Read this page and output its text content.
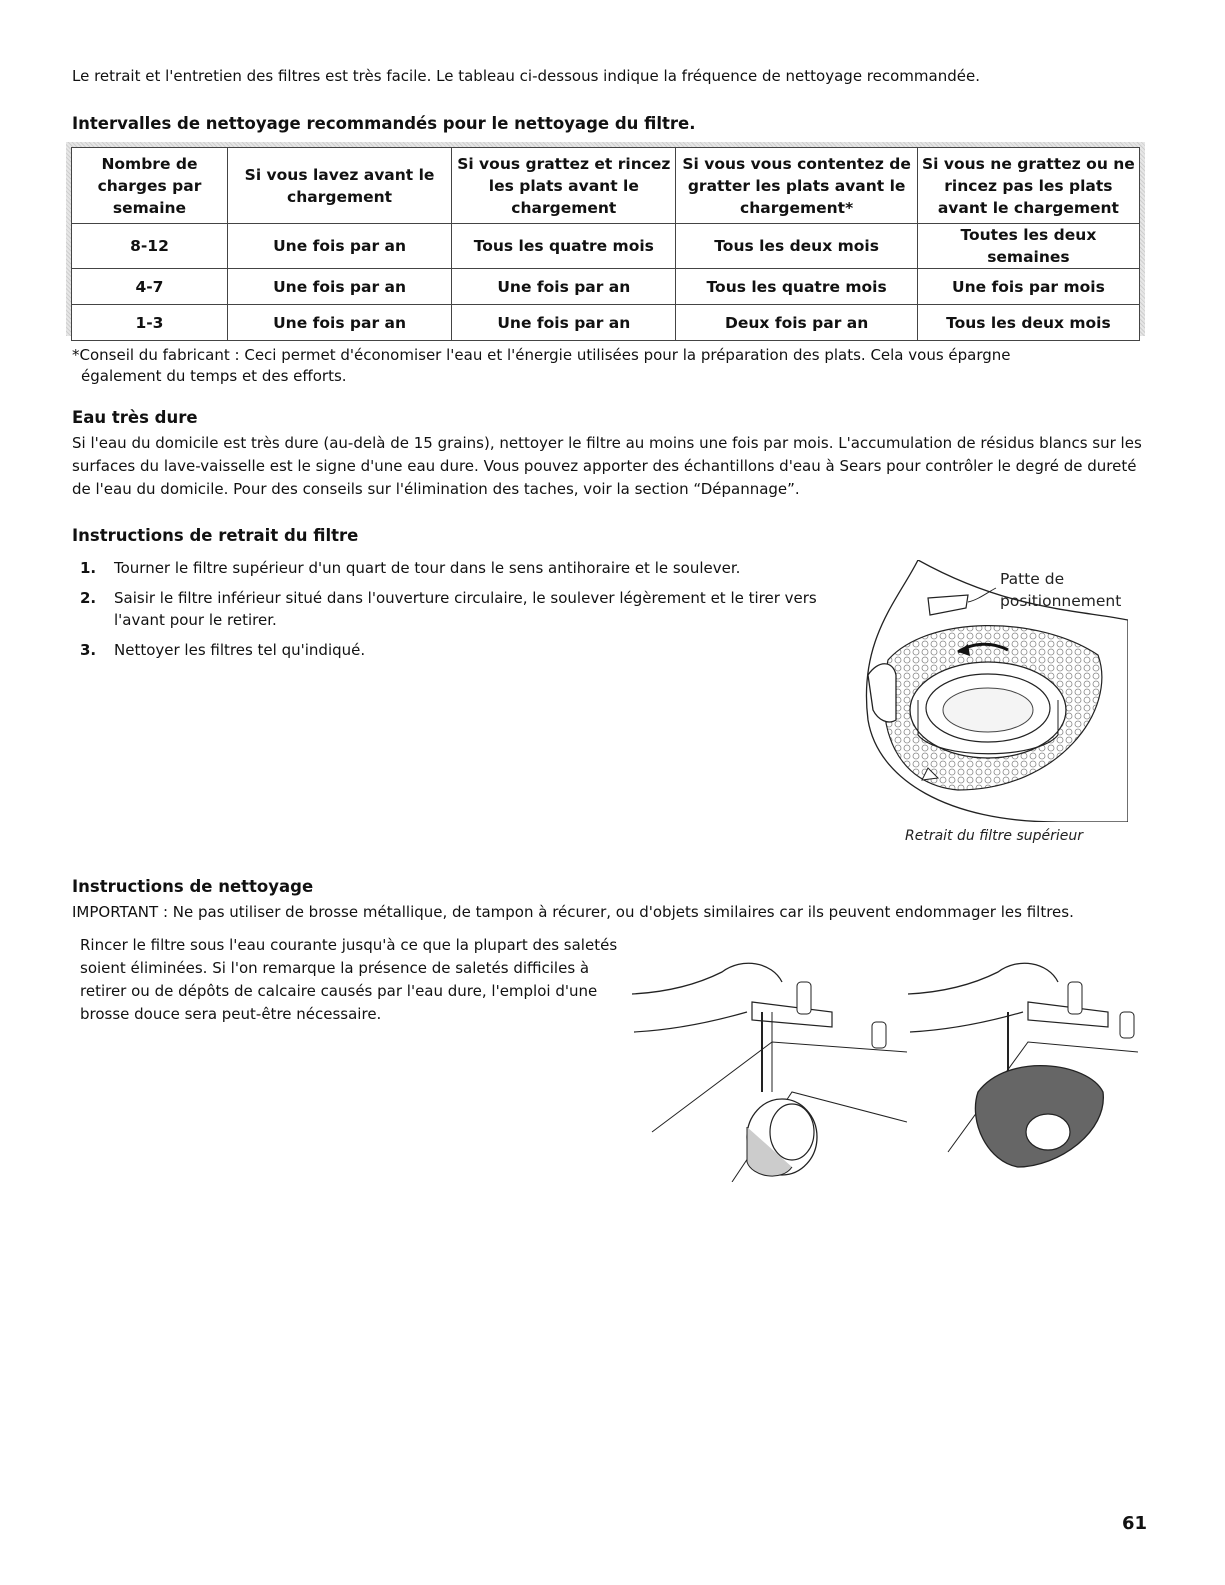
Le retrait et l'entretien des filtres est très facile. Le tableau ci-dessous indique la fréquence de nettoyage recommandée.
Intervalles de nettoyage recommandés pour le nettoyage du filtre.
Nombre de charges par semaine	Si vous lavez avant le chargement	Si vous grattez et rincez les plats avant le chargement	Si vous vous contentez de gratter les plats avant le chargement*	Si vous ne grattez ou ne rincez pas les plats avant le chargement
8-12	Une fois par an	Tous les quatre mois	Tous les deux mois	Toutes les deux semaines
4-7	Une fois par an	Une fois par an	Tous les quatre mois	Une fois par mois
1-3	Une fois par an	Une fois par an	Deux fois par an	Tous les deux mois
*Conseil du fabricant : Ceci permet d'économiser l'eau et l'énergie utilisées pour la préparation des plats. Cela vous épargne
également du temps et des efforts.
Eau très dure
Si l'eau du domicile est très dure (au-delà de 15 grains), nettoyer le filtre au moins une fois par mois. L'accumulation de résidus blancs sur les surfaces du lave-vaisselle est le signe d'une eau dure. Vous pouvez apporter des échantillons d'eau à Sears pour contrôler le degré de dureté de l'eau du domicile. Pour des conseils sur l'élimination des taches, voir la section “Dépannage”.
Instructions de retrait du filtre
1. Tourner le filtre supérieur d'un quart de tour dans le sens antihoraire et le soulever.
2. Saisir le filtre inférieur situé dans l'ouverture circulaire, le soulever légèrement et le tirer vers l'avant pour le retirer.
3. Nettoyer les filtres tel qu'indiqué.
Patte de
positionnement
Retrait du filtre supérieur
Instructions de nettoyage
IMPORTANT : Ne pas utiliser de brosse métallique, de tampon à récurer, ou d'objets similaires car ils peuvent endommager les filtres.
Rincer le filtre sous l'eau courante jusqu'à ce que la plupart des saletés soient éliminées. Si l'on remarque la présence de saletés difficiles à retirer ou de dépôts de calcaire causés par l'eau dure, l'emploi d'une brosse douce sera peut-être nécessaire.
61
